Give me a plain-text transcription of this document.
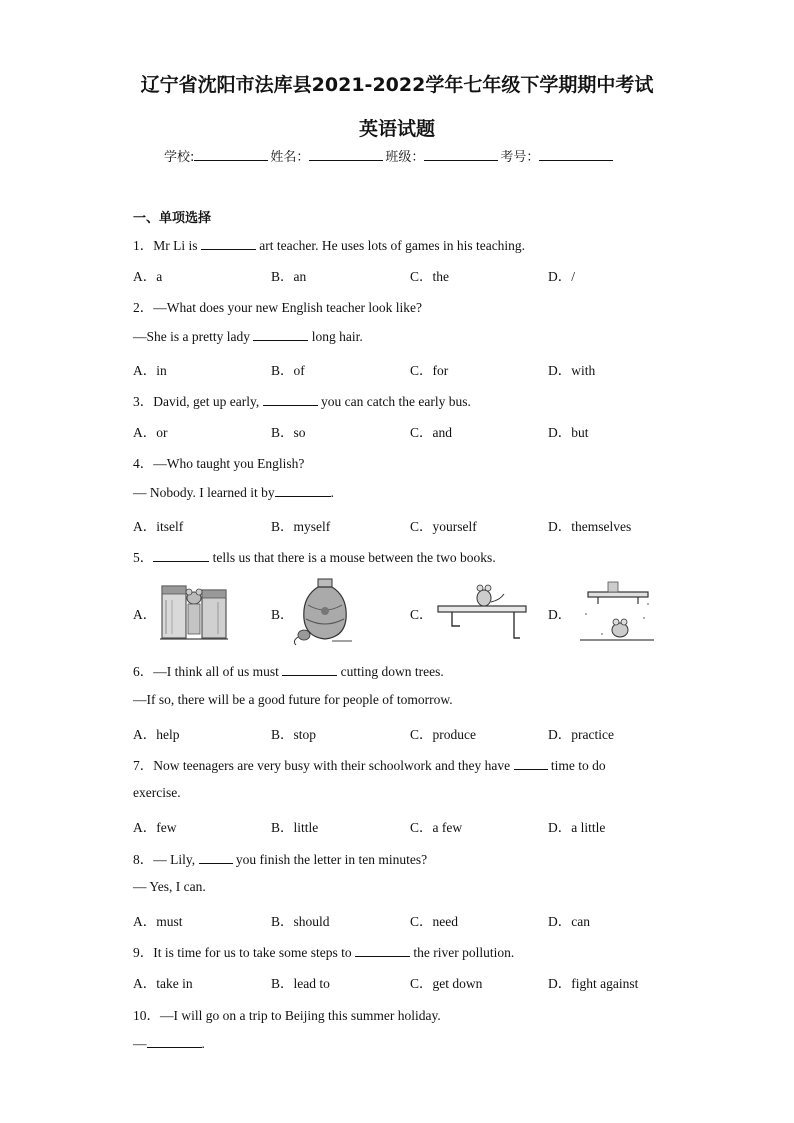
辽宁省沈阳市法库县2021-2022学年七年级下学期期中考试
英语试题
学校:	姓名：	班级：	考号：
一、单项选择
1．Mr Li is	art teacher. He uses lots of games in his teaching.
A．a	B．an	C．the	D．/
2．—What does your new English teacher look like?
—She is a pretty lady	long hair.
A．in	B．of	C．for	D．with
3．David, get up early,	you can catch the early bus.
A．or	B．so	C．and	D．but
4．—Who taught you English?
— Nobody. I learned it by	.
A．itself	B．myself	C．yourself	D．themselves
5．	tells us that there is a mouse between the two books.
A．	B．	C．	D．
6．—I think all of us must	cutting down trees.
—If so, there will be a good future for people of tomorrow.
A．help	B．stop	C．produce	D．practice
7．Now teenagers are very busy with their schoolwork and they have	time to do
exercise.
A．few	B．little	C．a few	D．a little
8．— Lily,	you finish the letter in ten minutes?
— Yes, I can.
A．must	B．should	C．need	D．can
9．It is time for us to take some steps to	the river pollution.
A．take in	B．lead to	C．get down	D．fight against
10．—I will go on a trip to Beijing this summer holiday.
—	.
